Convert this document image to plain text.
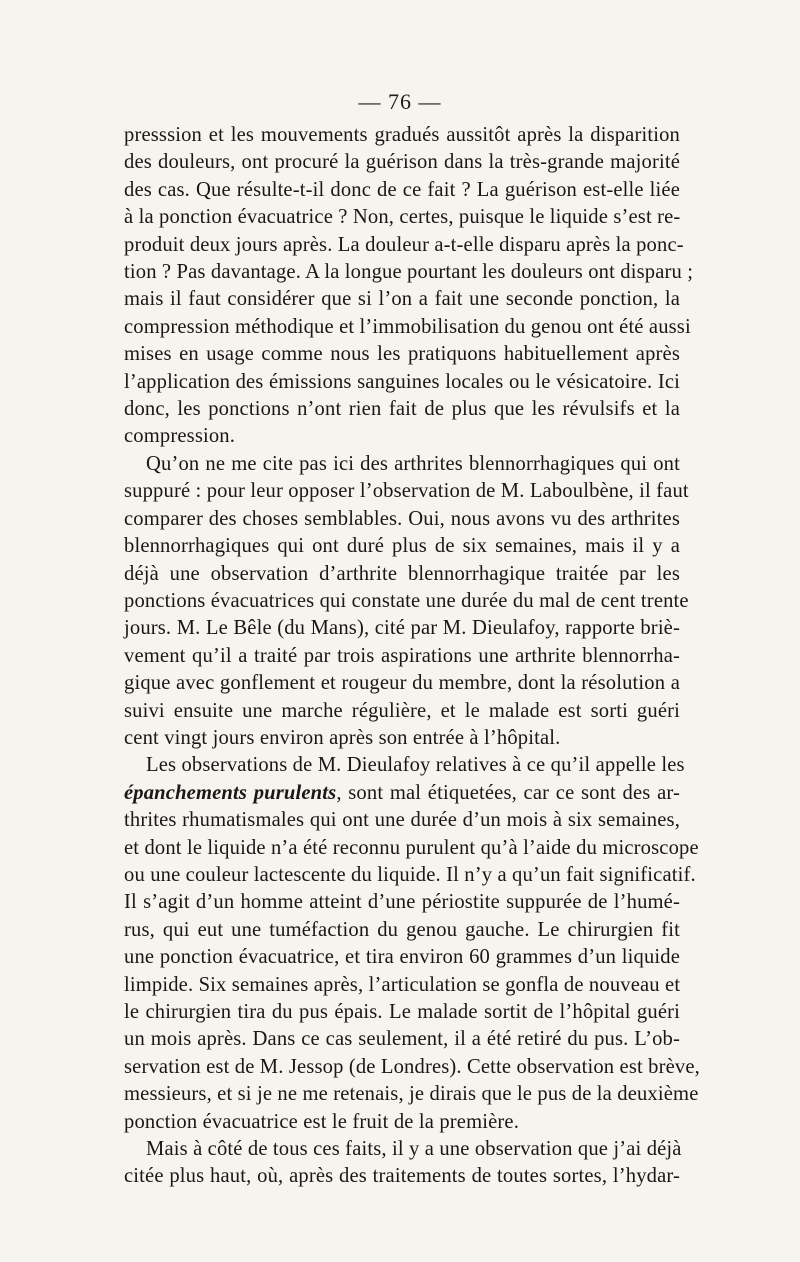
— 76 —

presssion et les mouvements gradués aussitôt après la disparition
des douleurs, ont procuré la guérison dans la très-grande majorité
des cas. Que résulte-t-il donc de ce fait ? La guérison est-elle liée
à la ponction évacuatrice ? Non, certes, puisque le liquide s’est re-
produit deux jours après. La douleur a-t-elle disparu après la ponc-
tion ? Pas davantage. A la longue pourtant les douleurs ont disparu ;
mais il faut considérer que si l’on a fait une seconde ponction, la
compression méthodique et l’immobilisation du genou ont été aussi
mises en usage comme nous les pratiquons habituellement après
l’application des émissions sanguines locales ou le vésicatoire. Ici
donc, les ponctions n’ont rien fait de plus que les révulsifs et la
compression.

Qu’on ne me cite pas ici des arthrites blennorrhagiques qui ont
suppuré : pour leur opposer l’observation de M. Laboulbène, il faut
comparer des choses semblables. Oui, nous avons vu des arthrites
blennorrhagiques qui ont duré plus de six semaines, mais il y a
déjà une observation d’arthrite blennorrhagique traitée par les
ponctions évacuatrices qui constate une durée du mal de cent trente
jours. M. Le Bêle (du Mans), cité par M. Dieulafoy, rapporte briè-
vement qu’il a traité par trois aspirations une arthrite blennorrha-
gique avec gonflement et rougeur du membre, dont la résolution a
suivi ensuite une marche régulière, et le malade est sorti guéri
cent vingt jours environ après son entrée à l’hôpital.

Les observations de M. Dieulafoy relatives à ce qu’il appelle les
épanchements purulents, sont mal étiquetées, car ce sont des ar-
thrites rhumatismales qui ont une durée d’un mois à six semaines,
et dont le liquide n’a été reconnu purulent qu’à l’aide du microscope
ou une couleur lactescente du liquide. Il n’y a qu’un fait significatif.
Il s’agit d’un homme atteint d’une périostite suppurée de l’humé-
rus, qui eut une tuméfaction du genou gauche. Le chirurgien fit
une ponction évacuatrice, et tira environ 60 grammes d’un liquide
limpide. Six semaines après, l’articulation se gonfla de nouveau et
le chirurgien tira du pus épais. Le malade sortit de l’hôpital guéri
un mois après. Dans ce cas seulement, il a été retiré du pus. L’ob-
servation est de M. Jessop (de Londres). Cette observation est brève,
messieurs, et si je ne me retenais, je dirais que le pus de la deuxième
ponction évacuatrice est le fruit de la première.

Mais à côté de tous ces faits, il y a une observation que j’ai déjà
citée plus haut, où, après des traitements de toutes sortes, l’hydar-
